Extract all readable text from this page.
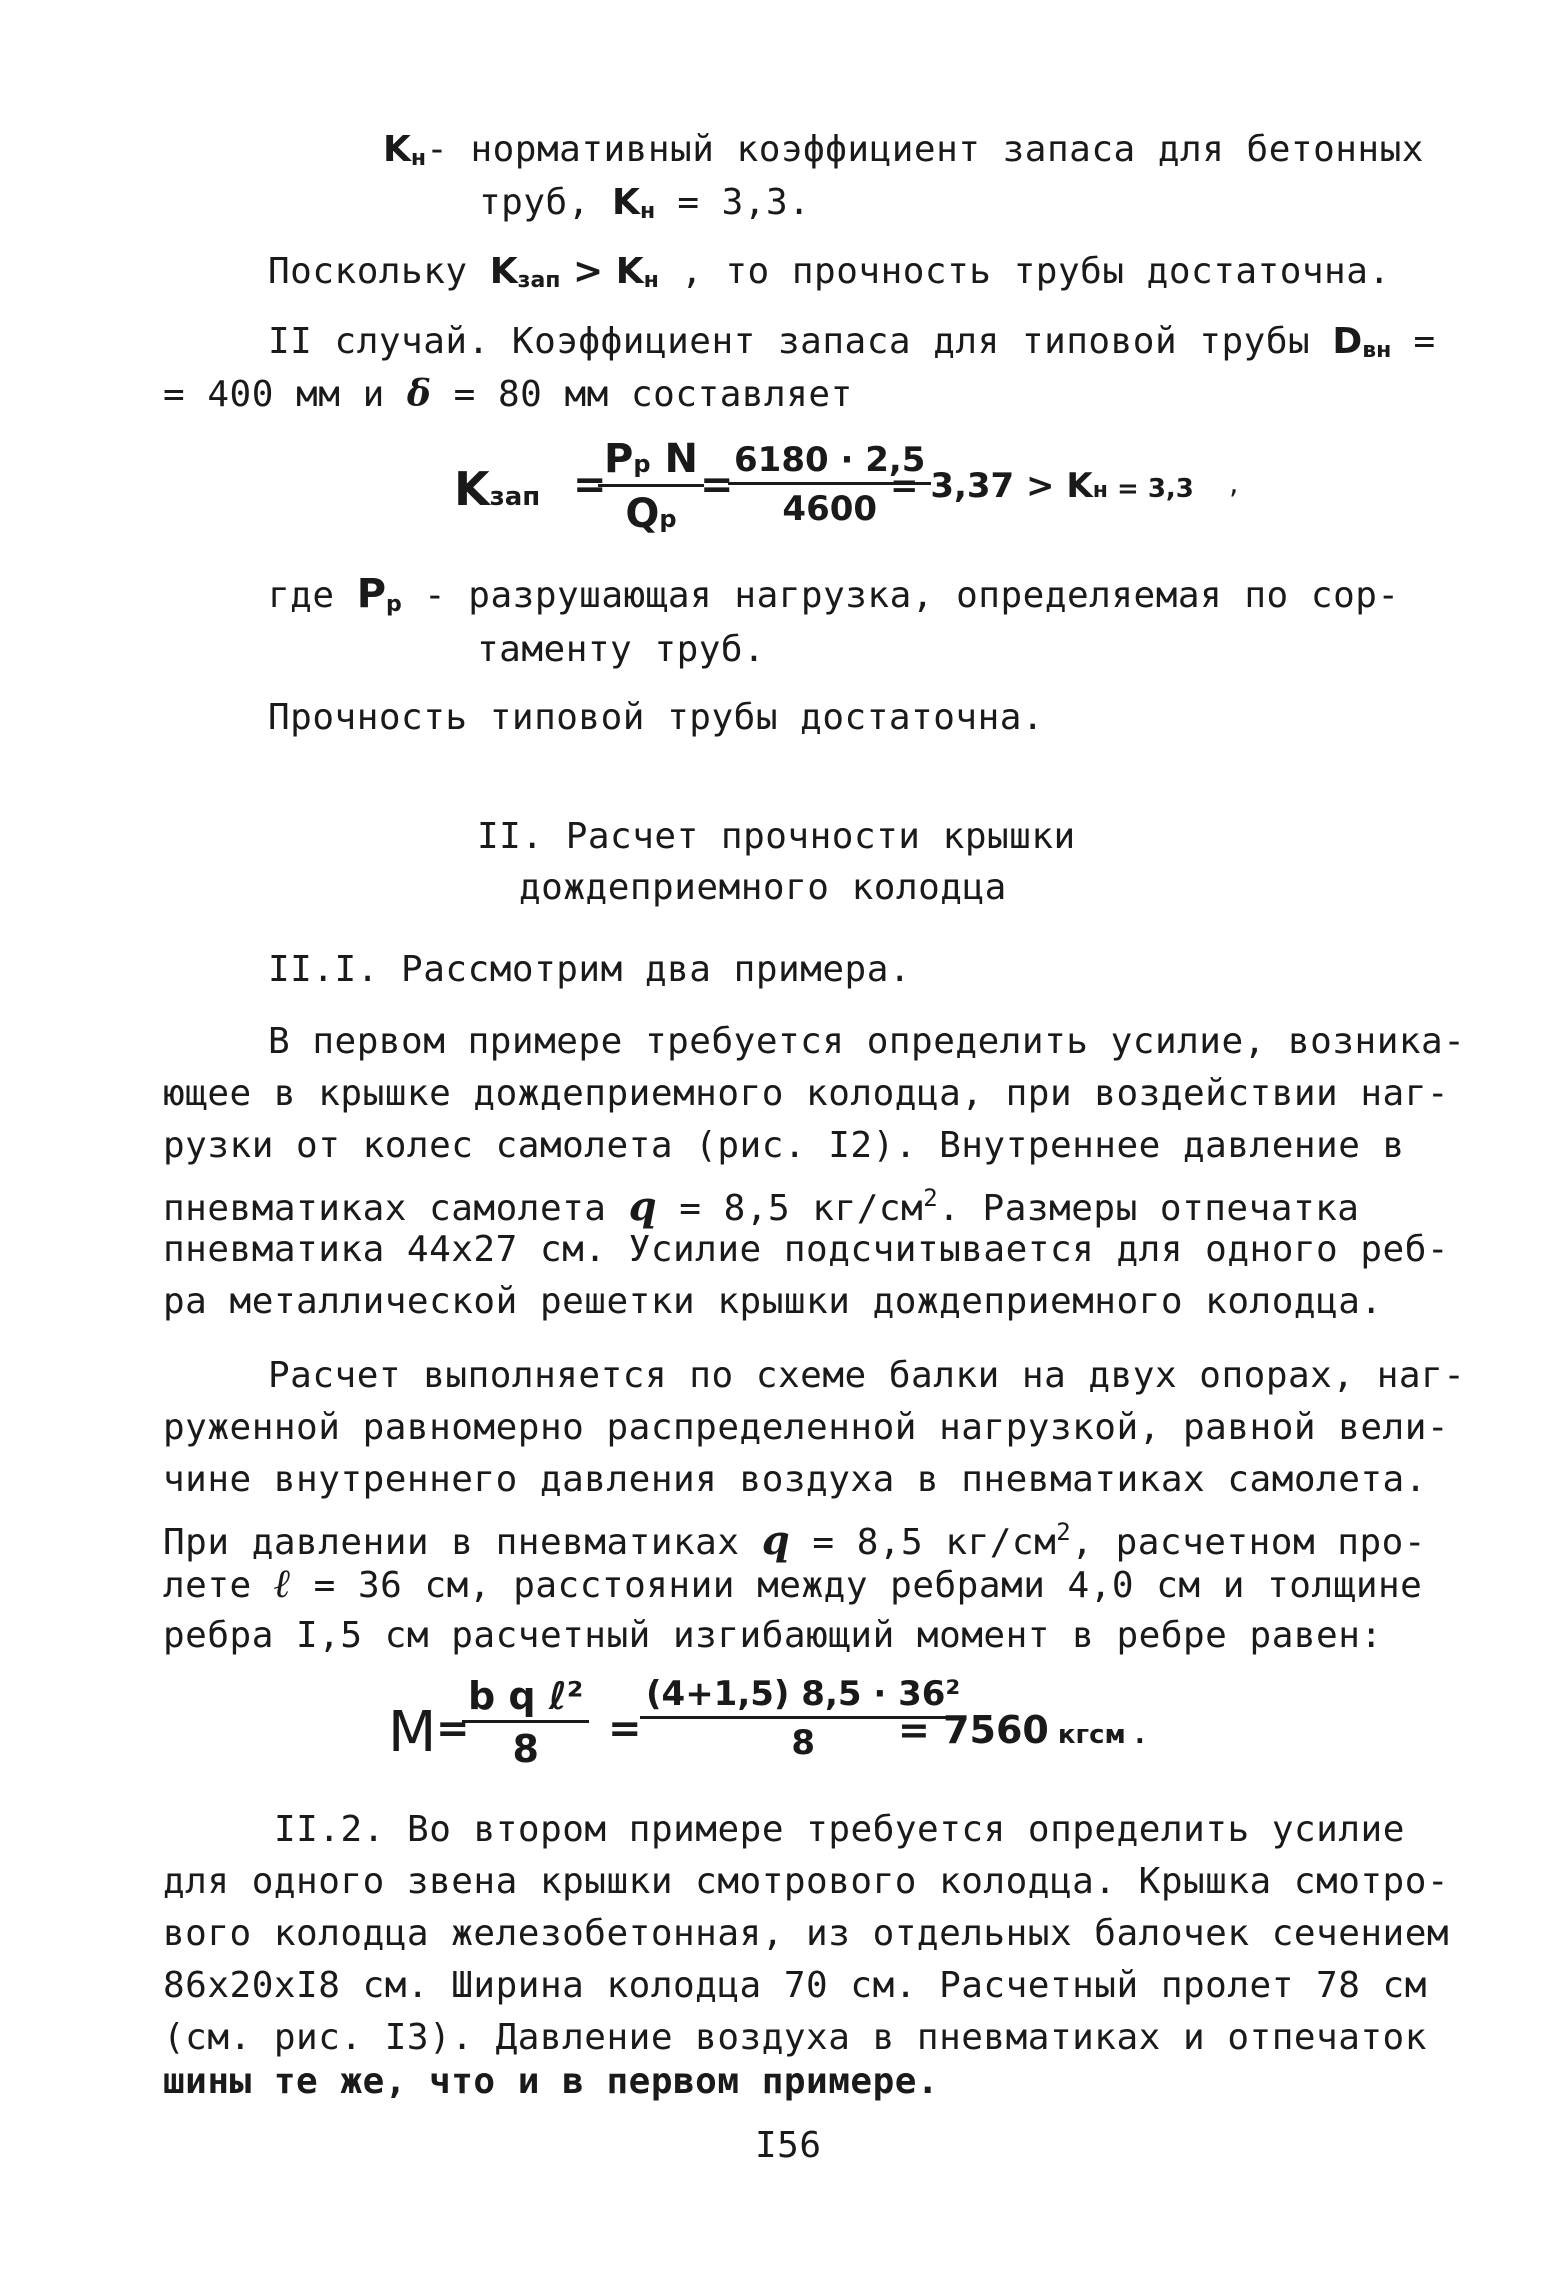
Kн- нормативный коэффициент запаса для бетонных
труб, Kн = 3,3.
Поскольку Kзап > Kн , то прочность трубы достаточна.
II случай. Коэффициент запаса для типовой трубы Dвн =
= 400 мм и δ = 80 мм составляет
Kзап =
Pр N
Qр
=
$\frac{6180 \cdot 2,5}{4600}$
= 3,37 > Kн = 3,3 ,
где Pр - разрушающая нагрузка, определяемая по сор-
таменту труб.
Прочность типовой трубы достаточна.
II. Расчет прочности крышки
дождеприемного колодца
II.I. Рассмотрим два примера.
В первом примере требуется определить усилие, возника-
ющее в крышке дождеприемного колодца, при воздействии наг-
рузки от колес самолета (рис. I2). Внутреннее давление в
пневматиках самолета q = 8,5 $кг/см^2$. Размеры отпечатка
пневматика 44х27 см. Усилие подсчитывается для одного реб-
ра металлической решетки крышки дождеприемного колодца.
Расчет выполняется по схеме балки на двух опорах, наг-
руженной равномерно распределенной нагрузкой, равной вели-
чине внутреннего давления воздуха в пневматиках самолета.
При давлении в пневматиках q = 8,5 $кг/см^2$, расчетном про-
лете ℓ = 36 см, расстоянии между ребрами 4,0 см и толщине
ребра I,5 см расчетный изгибающий момент в ребре равен:
M =
b q ℓ²
8 =
$\frac{\text{(4+1,5) 8,5 · 36²}}{8}$
= 7560 кгсм .
II.2. Во втором примере требуется определить усилие
для одного звена крышки смотрового колодца. Крышка смотро-
вого колодца железобетонная, из отдельных балочек сечением
86х20хI8 см. Ширина колодца 70 см. Расчетный пролет 78 см
(см. рис. I3). Давление воздуха в пневматиках и отпечаток
шины те же, что и в первом примере.
I56
